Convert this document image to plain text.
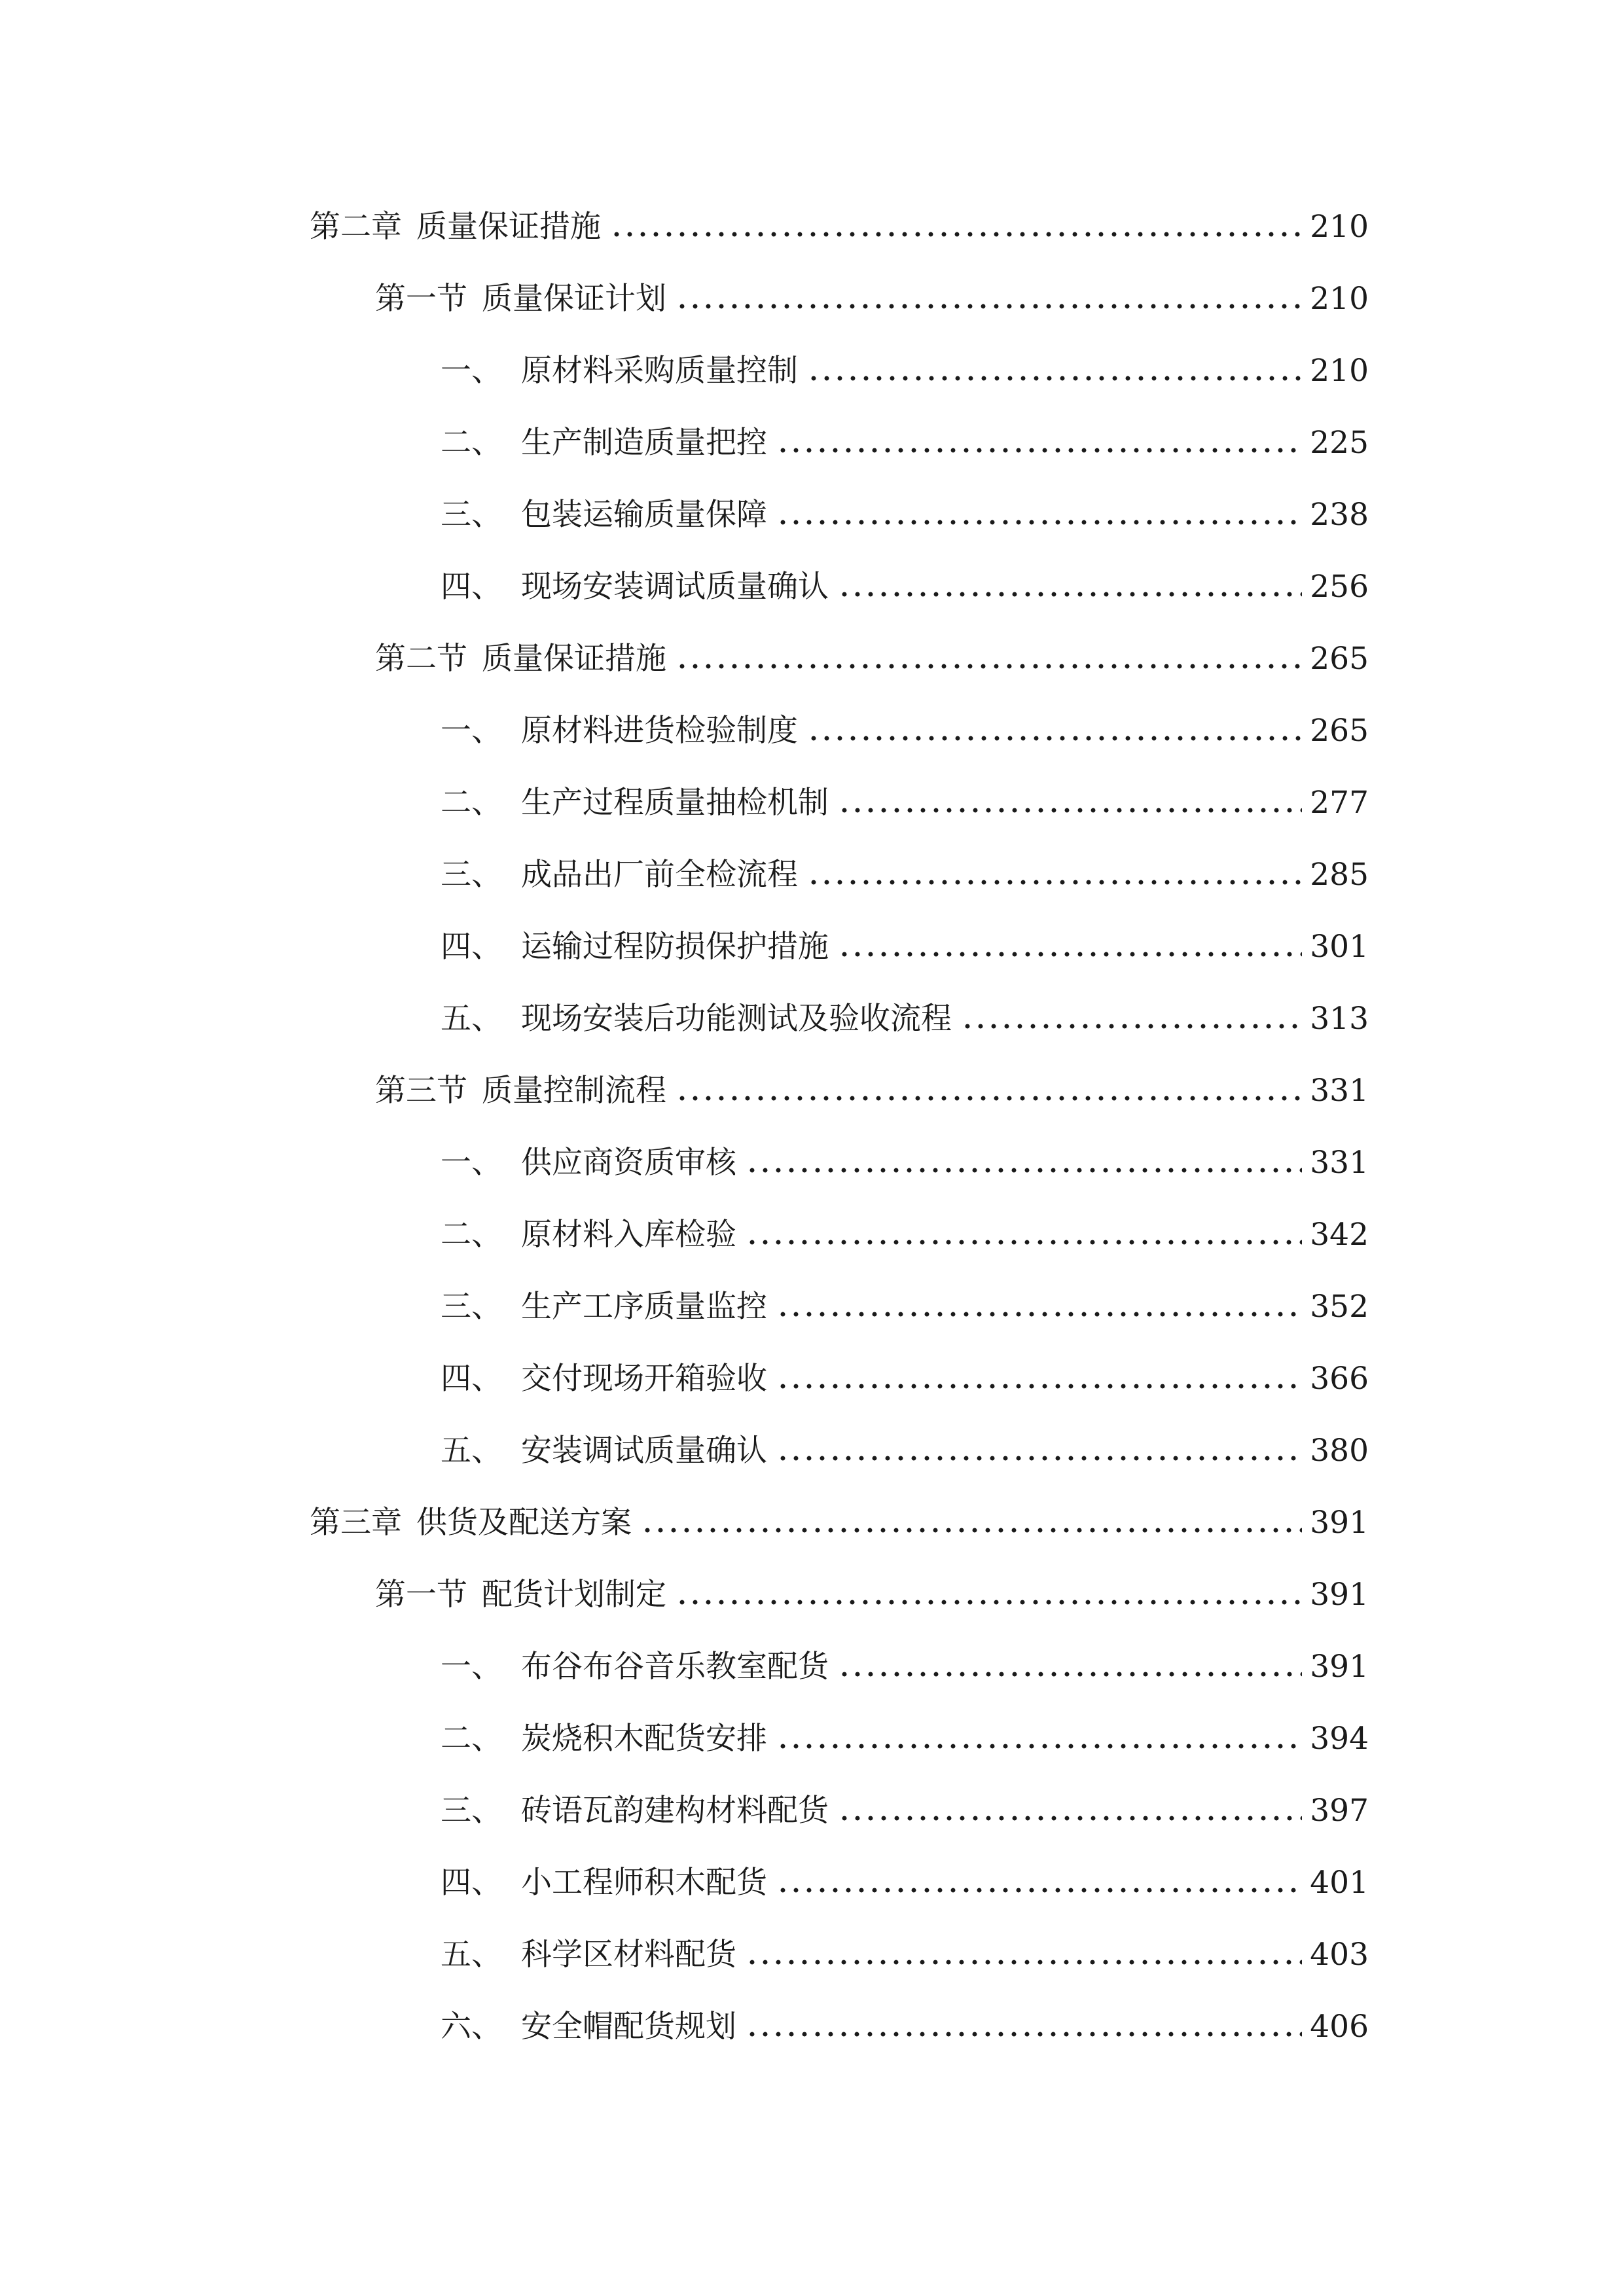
第二章 质量保证措施	210
第一节 质量保证计划	210
一、 原材料采购质量控制	210
二、 生产制造质量把控	225
三、 包装运输质量保障	238
四、 现场安装调试质量确认	256
第二节 质量保证措施	265
一、 原材料进货检验制度	265
二、 生产过程质量抽检机制	277
三、 成品出厂前全检流程	285
四、 运输过程防损保护措施	301
五、 现场安装后功能测试及验收流程	313
第三节 质量控制流程	331
一、 供应商资质审核	331
二、 原材料入库检验	342
三、 生产工序质量监控	352
四、 交付现场开箱验收	366
五、 安装调试质量确认	380
第三章 供货及配送方案	391
第一节 配货计划制定	391
一、 布谷布谷音乐教室配货	391
二、 炭烧积木配货安排	394
三、 砖语瓦韵建构材料配货	397
四、 小工程师积木配货	401
五、 科学区材料配货	403
六、 安全帽配货规划	406
